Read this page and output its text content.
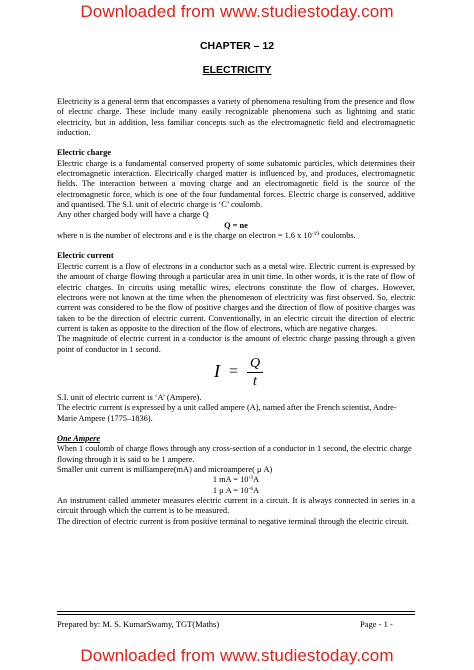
Downloaded from www.studiestoday.com
CHAPTER – 12
ELECTRICITY

Electricity is a general term that encompasses a variety of phenomena resulting from the presence and flow of electric charge. These include many easily recognizable phenomena such as lightning and static electricity, but in addition, less familiar concepts such as the electromagnetic field and electromagnetic induction.

Electric charge

Electric charge is a fundamental conserved property of some subatomic particles, which determines their electromagnetic interaction. Electrically charged matter is influenced by, and produces, electromagnetic fields. The interaction between a moving charge and an electromagnetic field is the source of the electromagnetic force, which is one of the four fundamental forces. Electric charge is conserved, additive and quantised. The S.I. unit of electric charge is ‘C’ coulomb.

Any other charged body will have a charge Q

Q = ne

where n is the number of electrons and e is the charge on electron = 1.6 x $10^{-19}$ coulombs.

Electric current

Electric current is a flow of electrons in a conductor such as a metal wire. Electric current is expressed by the amount of charge flowing through a particular area in unit time. In other words, it is the rate of flow of electric charges. In circuits using metallic wires, electrons constitute the flow of charges. However, electrons were not known at the time when the phenomenon of electricity was first observed. So, electric current was considered to be the flow of positive charges and the direction of flow of positive charges was taken to be the direction of electric current. Conventionally, in an electric circuit the direction of electric current is taken as opposite to the direction of the flow of electrons, which are negative charges.

The magnitude of electric current in a conductor is the amount of electric charge passing through a given point of conductor in 1 second.

I = Q
t

S.I. unit of electric current is ‘A’ (Ampere).

The electric current is expressed by a unit called ampere (A), named after the French scientist, Andre-Marie Ampere (1775–1836).

One Ampere

When 1 coulomb of charge flows through any cross-section of a conductor in 1 second, the electric charge flowing through it is said to be 1 ampere.

Smaller unit current is milliampere(mA) and microampere( μ A)

1 mA = $10^{-3}A$

1 μ $A = 10^{-6}A$

An instrument called ammeter measures electric current in a circuit. It is always connected in series in a circuit through which the current is to be measured.

The direction of electric current is from positive terminal to negative terminal through the electric circuit.

Prepared by: M. S. KumarSwamy, TGT(Maths)	Page - 1 -
Downloaded from www.studiestoday.com
